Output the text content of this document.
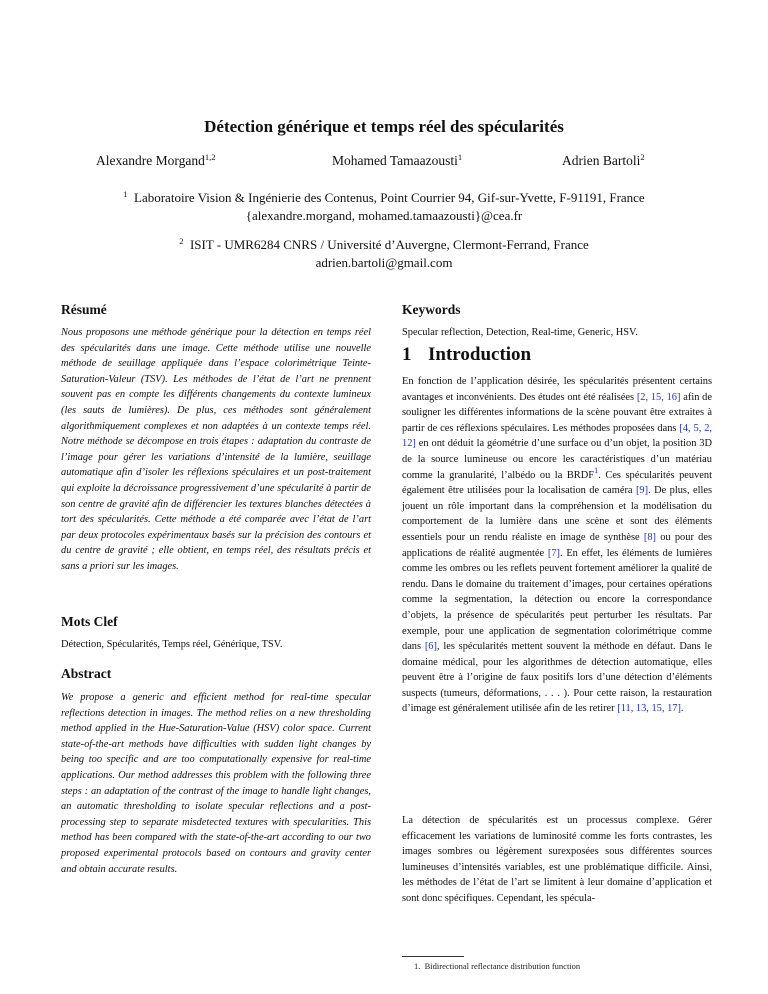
Détection générique et temps réel des spécularités
Alexandre Morgand$^{1,2}$	Mohamed Tamaazousti$^1$	Adrien Bartoli$^2$
$^1$ Laboratoire Vision & Ingénierie des Contenus, Point Courrier 94, Gif-sur-Yvette, F-91191, France
{alexandre.morgand, mohamed.tamaazousti}@cea.fr
$^2$ ISIT - UMR6284 CNRS / Université d’Auvergne, Clermont-Ferrand, France
adrien.bartoli@gmail.com
Résumé

Nous proposons une méthode générique pour la détection en temps réel des spécularités dans une image. Cette méthode utilise une nouvelle méthode de seuillage appliquée dans l’espace colorimétrique Teinte-Saturation-Valeur (TSV). Les méthodes de l’état de l’art ne prennent souvent pas en compte les différents changements du contexte lumineux (les sauts de lumières). De plus, ces méthodes sont généralement algorithmiquement complexes et non adaptées à un contexte temps réel. Notre méthode se décompose en trois étapes : adaptation du contraste de l’image pour gérer les variations d’intensité de la lumière, seuillage automatique afin d’isoler les réflexions spéculaires et un post-traitement qui exploite la décroissance progressivement d’une spécularité à partir de son centre de gravité afin de différencier les textures blanches détectées à tort des spécularités. Cette méthode a été comparée avec l’état de l’art par deux protocoles expérimentaux basés sur la précision des contours et du centre de gravité ; elle obtient, en temps réel, des résultats précis et sans a priori sur les images.

Mots Clef

Détection, Spécularités, Temps réel, Générique, TSV.

Abstract

We propose a generic and efficient method for real-time specular reflections detection in images. The method relies on a new thresholding method applied in the Hue-Saturation-Value (HSV) color space. Current state-of-the-art methods have difficulties with sudden light changes by being too specific and are too computationally expensive for real-time applications. Our method addresses this problem with the following three steps : an adaptation of the contrast of the image to handle light changes, an automatic thresholding to isolate specular reflections and a post-processing step to separate misdetected textures with specularities. This method has been compared with the state-of-the-art according to our two proposed experimental protocols based on contours and gravity center and obtain accurate results.

Keywords

Specular reflection, Detection, Real-time, Generic, HSV.

1 Introduction

En fonction de l’application désirée, les spécularités présentent certains avantages et inconvénients. Des études ont été réalisées [2, 15, 16] afin de souligner les différentes informations de la scène pouvant être extraites à partir de ces réflexions spéculaires. Les méthodes proposées dans [4, 5, 2, 12] en ont déduit la géométrie d’une surface ou d’un objet, la position 3D de la source lumineuse ou encore les caractéristiques d’un matériau comme la granularité, l’albédo ou la BRDF$^1$. Ces spécularités peuvent également être utilisées pour la localisation de caméra [9]. De plus, elles jouent un rôle important dans la compréhension et la modélisation du comportement de la lumière dans une scène et sont des éléments essentiels pour un rendu réaliste en image de synthèse [8] ou pour des applications de réalité augmentée [7]. En effet, les éléments de lumières comme les ombres ou les reflets peuvent fortement améliorer la qualité de rendu. Dans le domaine du traitement d’images, pour certaines opérations comme la segmentation, la détection ou encore la correspondance d’objets, la présence de spécularités peut perturber les résultats. Par exemple, pour une application de segmentation colorimétrique comme dans [6], les spécularités mettent souvent la méthode en défaut. Dans le domaine médical, pour les algorithmes de détection automatique, elles peuvent être à l’origine de faux positifs lors d’une détection d’éléments suspects (tumeurs, déformations, . . . ). Pour cette raison, la restauration d’image est généralement utilisée afin de les retirer [11, 13, 15, 17].

La détection de spécularités est un processus complexe. Gérer efficacement les variations de luminosité comme les forts contrastes, les images sombres ou légèrement surexposées sous différentes sources lumineuses d’intensités variables, est une problématique difficile. Ainsi, les méthodes de l’état de l’art se limitent à leur domaine d’application et sont donc spécifiques. Cependant, les spécula-

1. Bidirectional reflectance distribution function
